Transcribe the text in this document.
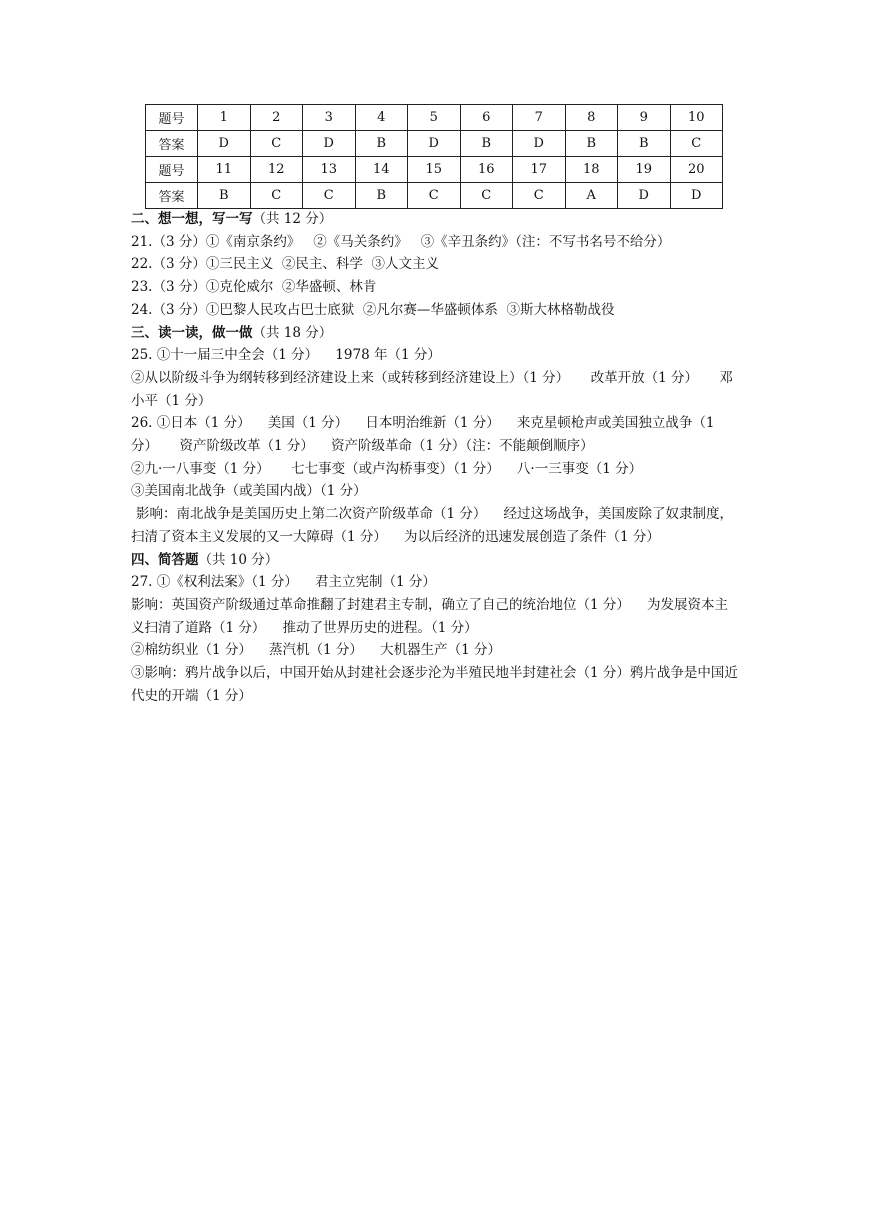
题号	1	2	3	4	5	6	7	8	9	10
答案	D	C	D	B	D	B	D	B	B	C
题号	11	12	13	14	15	16	17	18	19	20
答案	B	C	C	B	C	C	C	A	D	D

二、想一想，写一写（共 12 分）

21.（3 分）①《南京条约》   ②《马关条约》   ③《辛丑条约》（注：不写书名号不给分）

22.（3 分）①三民主义  ②民主、科学  ③人文主义

23.（3 分）①克伦威尔  ②华盛顿、林肯

24.（3 分）①巴黎人民攻占巴士底狱  ②凡尔赛—华盛顿体系  ③斯大林格勒战役

三、读一读，做一做（共 18 分）

25. ①十一届三中全会（1 分）    1978 年（1 分）

②从以阶级斗争为纲转移到经济建设上来（或转移到经济建设上）（1 分）     改革开放（1 分）     邓小平（1 分）

26. ①日本（1 分）    美国（1 分）    日本明治维新（1 分）    来克星顿枪声或美国独立战争（1 分）     资产阶级改革（1 分）    资产阶级革命（1 分）（注：不能颠倒顺序）

②九·一八事变（1 分）     七七事变（或卢沟桥事变）（1 分）    八·一三事变（1 分）

③美国南北战争（或美国内战）（1 分）

影响：南北战争是美国历史上第二次资产阶级革命（1 分）    经过这场战争，美国废除了奴隶制度，扫清了资本主义发展的又一大障碍（1 分）    为以后经济的迅速发展创造了条件（1 分）

四、简答题（共 10 分）

27. ①《权利法案》（1 分）    君主立宪制（1 分）

影响：英国资产阶级通过革命推翻了封建君主专制，确立了自己的统治地位（1 分）    为发展资本主义扫清了道路（1 分）    推动了世界历史的进程。（1 分）

②棉纺织业（1 分）    蒸汽机（1 分）    大机器生产（1 分）

③影响：鸦片战争以后，中国开始从封建社会逐步沦为半殖民地半封建社会（1 分）鸦片战争是中国近代史的开端（1 分）
